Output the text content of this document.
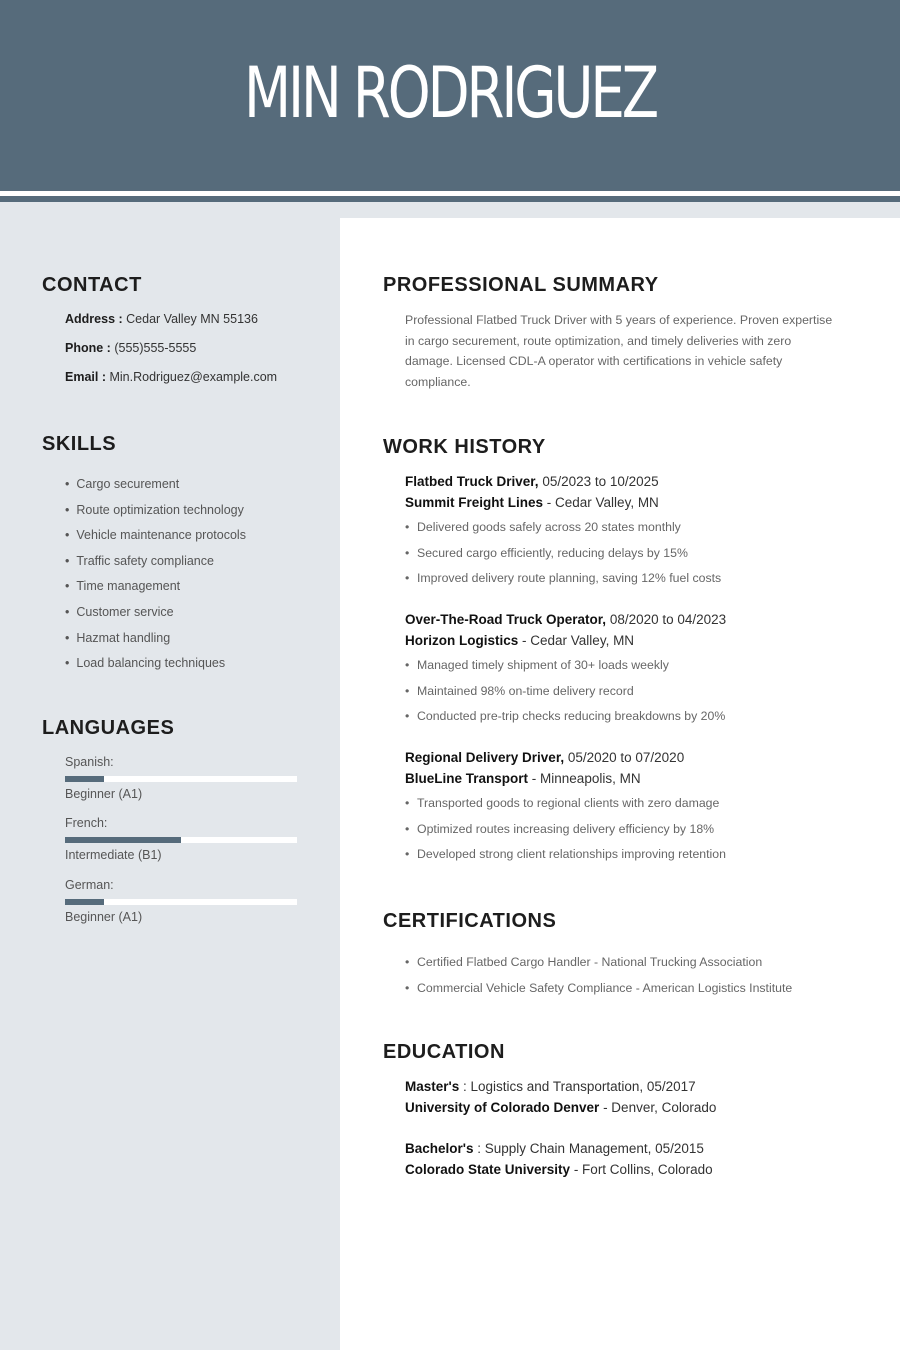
MIN RODRIGUEZ
CONTACT
Address : Cedar Valley MN 55136
Phone : (555)555-5555
Email : Min.Rodriguez@example.com
SKILLS
• Cargo securement
• Route optimization technology
• Vehicle maintenance protocols
• Traffic safety compliance
• Time management
• Customer service
• Hazmat handling
• Load balancing techniques
LANGUAGES
Spanish:
Beginner (A1)
French:
Intermediate (B1)
German:
Beginner (A1)
PROFESSIONAL SUMMARY
Professional Flatbed Truck Driver with 5 years of experience. Proven expertise
in cargo securement, route optimization, and timely deliveries with zero
damage. Licensed CDL-A operator with certifications in vehicle safety
compliance.
WORK HISTORY
Flatbed Truck Driver, 05/2023 to 10/2025
Summit Freight Lines - Cedar Valley, MN
• Delivered goods safely across 20 states monthly
• Secured cargo efficiently, reducing delays by 15%
• Improved delivery route planning, saving 12% fuel costs
Over-The-Road Truck Operator, 08/2020 to 04/2023
Horizon Logistics - Cedar Valley, MN
• Managed timely shipment of 30+ loads weekly
• Maintained 98% on-time delivery record
• Conducted pre-trip checks reducing breakdowns by 20%
Regional Delivery Driver, 05/2020 to 07/2020
BlueLine Transport - Minneapolis, MN
• Transported goods to regional clients with zero damage
• Optimized routes increasing delivery efficiency by 18%
• Developed strong client relationships improving retention
CERTIFICATIONS
• Certified Flatbed Cargo Handler - National Trucking Association
• Commercial Vehicle Safety Compliance - American Logistics Institute
EDUCATION
Master's : Logistics and Transportation, 05/2017
University of Colorado Denver - Denver, Colorado
Bachelor's : Supply Chain Management, 05/2015
Colorado State University - Fort Collins, Colorado
